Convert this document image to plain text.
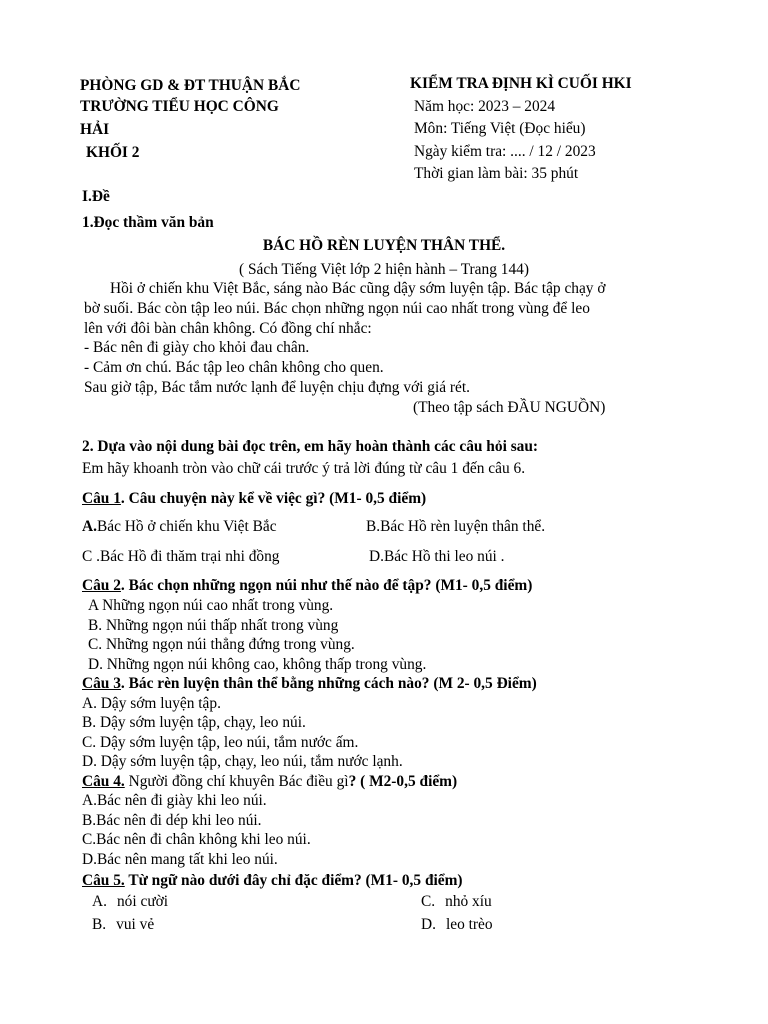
PHÒNG GD & ĐT THUẬN BẮC
TRƯỜNG TIỂU HỌC CÔNG
HẢI
KHỐI 2
KIỂM TRA ĐỊNH KÌ CUỐI HKI
Năm học: 2023 – 2024
Môn: Tiếng Việt (Đọc hiểu)
Ngày kiểm tra: .... / 12 / 2023
Thời gian làm bài: 35 phút
I.Đề
1.Đọc thầm văn bản
BÁC HỒ RÈN LUYỆN THÂN THỂ.
( Sách Tiếng Việt lớp 2 hiện hành – Trang 144)
Hồi ở chiến khu Việt Bắc, sáng nào Bác cũng dậy sớm luyện tập. Bác tập chạy ở
bờ suối. Bác còn tập leo núi. Bác chọn những ngọn núi cao nhất trong vùng để leo
lên với đôi bàn chân không. Có đồng chí nhắc:
- Bác nên đi giày cho khỏi đau chân.
- Cảm ơn chú. Bác tập leo chân không cho quen.
Sau giờ tập, Bác tắm nước lạnh để luyện chịu đựng với giá rét.
(Theo tập sách ĐẦU NGUỒN)
2. Dựa vào nội dung bài đọc trên, em hãy hoàn thành các câu hỏi sau:
Em hãy khoanh tròn vào chữ cái trước ý trả lời đúng từ câu 1 đến câu 6.
Câu 1. Câu chuyện này kể về việc gì? (M1- 0,5 điểm)
A.Bác Hồ ở chiến khu Việt Bắc	B.Bác Hồ rèn luyện thân thể.
C .Bác Hồ đi thăm trại nhi đồng	D.Bác Hồ thi leo núi .
Câu 2. Bác chọn những ngọn núi như thế nào để tập? (M1- 0,5 điểm)
A Những ngọn núi cao nhất trong vùng.
B. Những ngọn núi thấp nhất trong vùng
C. Những ngọn núi thẳng đứng trong vùng.
D. Những ngọn núi không cao, không thấp trong vùng.
Câu 3. Bác rèn luyện thân thể bằng những cách nào? (M 2- 0,5 Điểm)
A. Dậy sớm luyện tập.
B. Dậy sớm luyện tập, chạy, leo núi.
C. Dậy sớm luyện tập, leo núi, tắm nước ấm.
D. Dậy sớm luyện tập, chạy, leo núi, tắm nước lạnh.
Câu 4. Người đồng chí khuyên Bác điều gì? ( M2-0,5 điểm)
A.Bác nên đi giày khi leo núi.
B.Bác nên đi dép khi leo núi.
C.Bác nên đi chân không khi leo núi.
D.Bác nên mang tất khi leo núi.
Câu 5. Từ ngữ nào dưới đây chỉ đặc điểm? (M1- 0,5 điểm)
A. nói cười	C. nhỏ xíu
B. vui vẻ	D. leo trèo
